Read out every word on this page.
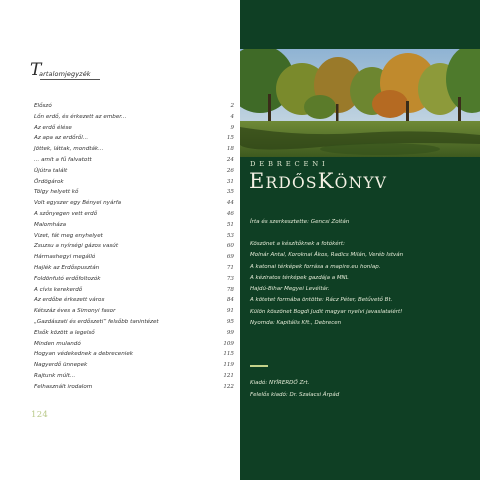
T
artalomjegyzék
Előszó	2
Lőn erdő, és érkezett az ember...	4
Az erdő élése	9
Az apa az erdőről...	15
Jöttek, láttak, mondták...	18
... amit a fű falvatott	24
Újútra talált	26
Ördögárok	31
Tölgy helyett kő	35
Volt egyszer egy Bényei nyárfa	44
A szőnyegen vett erdő	46
Malomháza	51
Vizet, fát meg enyhelyet	53
Zsuzsu a nyírségi gázos vasút	60
Hármashegyi megálló	69
Hajlék az Erdőspusztán	71
Foldönfutó erdőfoltozók	73
A cívis kerekerdő	78
Az erdőbe érkezett város	84
Kétszáz éves a Simonyi fasor	91
„Gazdászati és erdőszeti” felsőbb tanintézet	95
Elsők között a legelső	99
Minden mulandó	109
Hogyan védekednek a debreceniek	115
Nagyerdő ünnepek	119
Rajtunk múlt...	121
Felhasznált irodalom	122
124
DEBRECENI
ERDŐSKÖNYV
Írta és szerkesztette: Gencsi Zoltán
Köszönet a készítőknek a fotókért:
Molnár Antal, Koroknai Ákos, Radics Milán, Veréb István
A katonai térképek forrása a mapire.eu honlap.
A kéziratos térképek gazdája a MNL
Hajdú-Bihar Megyei Levéltár.
A kötetet formába öntötte: Rácz Péter, Betűvető Bt.
Külön köszönet Bogdi Judit magyar nyelvi javaslataiért!
Nyomda: Kapitális Kft., Debrecen
Kiadó: NYÍRERDŐ Zrt.
Felelős kiadó: Dr. Szalacsi Árpád
